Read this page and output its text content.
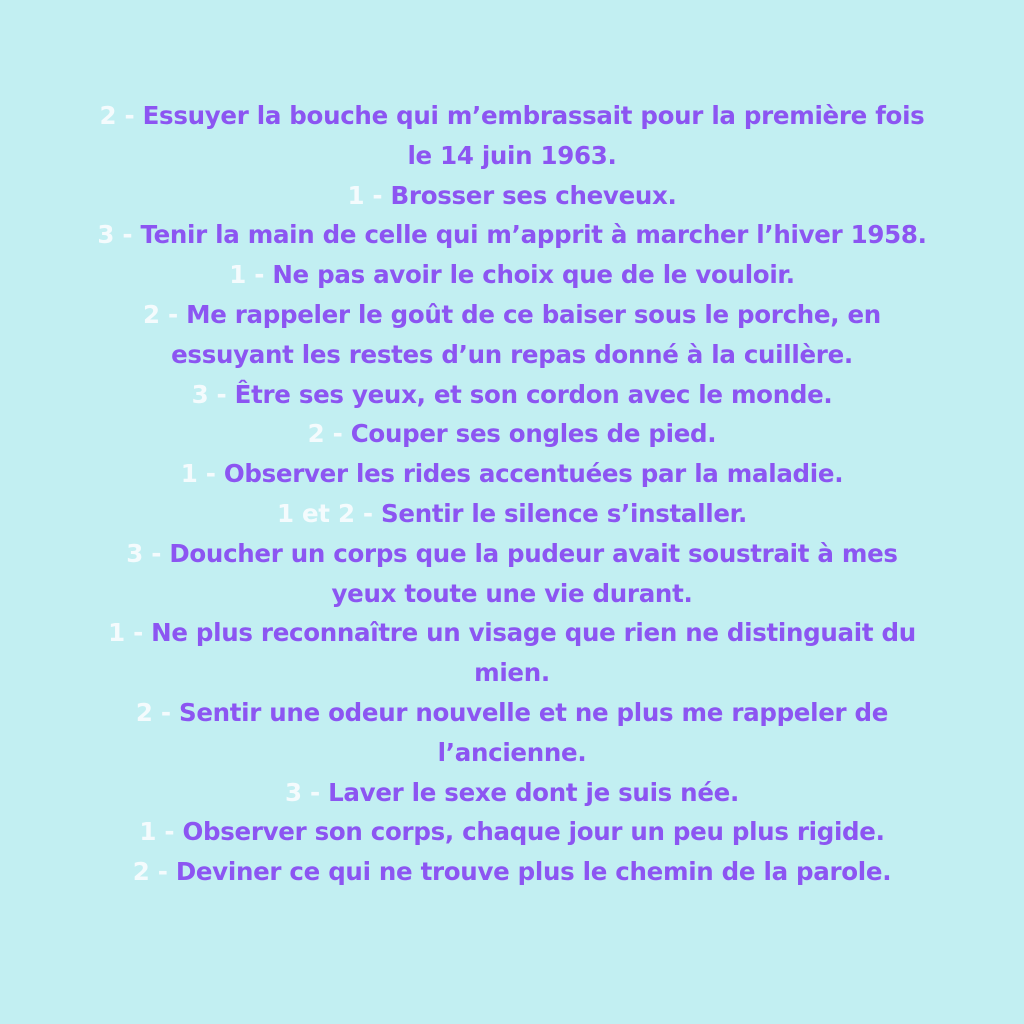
2 - Essuyer la bouche qui m’embrassait pour la première fois le 14 juin 1963.
1 - Brosser ses cheveux.
3 - Tenir la main de celle qui m’apprit à marcher l’hiver 1958.
1 - Ne pas avoir le choix que de le vouloir.
2 - Me rappeler le goût de ce baiser sous le porche, en essuyant les restes d’un repas donné à la cuillère.
3 - Être ses yeux, et son cordon avec le monde.
2 - Couper ses ongles de pied.
1 - Observer les rides accentuées par la maladie.
1 et 2 - Sentir le silence s’installer.
3 - Doucher un corps que la pudeur avait soustrait à mes yeux toute une vie durant.
1 - Ne plus reconnaître un visage que rien ne distinguait du mien.
2 - Sentir une odeur nouvelle et ne plus me rappeler de l’ancienne.
3 - Laver le sexe dont je suis née.
1 - Observer son corps, chaque jour un peu plus rigide.
2 - Deviner ce qui ne trouve plus le chemin de la parole.
